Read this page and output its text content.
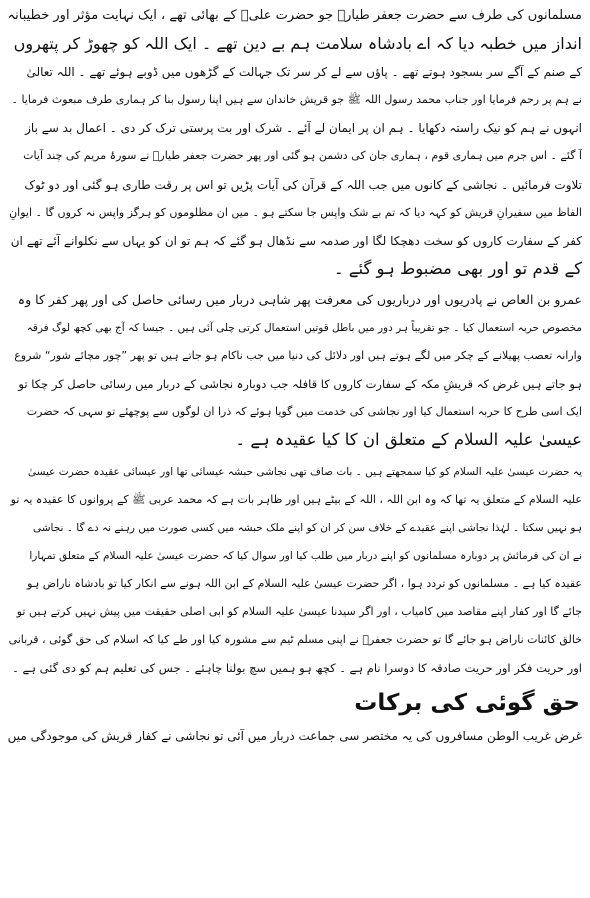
مسلمانوں کی طرف سے حضرت جعفر طیارؓ جو حضرت علیؓ کے بھائی تھے ، ایک نہایت مؤثر اور خطیبانہ

انداز میں خطبہ دیا کہ اے بادشاہ سلامت ہم بے دین تھے ۔ ایک اللہ کو چھوڑ کر پتھروں

کے صنم کے آگے سر بسجود ہوتے تھے ۔ پاؤں سے لے کر سر تک جہالت کے گڑھوں میں ڈوبے ہوئے تھے ۔ اللہ تعالیٰ

نے ہم پر رحم فرمایا اور جناب محمد رسول اللہ ﷺ جو قریش خاندان سے ہیں اپنا رسول بنا کر ہماری طرف مبعوث فرمایا ۔

انہوں نے ہم کو نیک راستہ دکھایا ۔ ہم ان پر ایمان لے آئے ۔ شرک اور بت پرستی ترک کر دی ۔ اعمال بد سے باز

آ گئے ۔ اس جرم میں ہماری قوم ، ہماری جان کی دشمن ہو گئی اور پھر حضرت جعفر طیارؓ نے سورۂ مریم کی چند آیات

تلاوت فرمائیں ۔ نجاشی کے کانوں میں جب اللہ کے قرآن کی آیات پڑیں تو اس پر رقت طاری ہو گئی اور دو ٹوک

الفاظ میں سفیرانِ قریش کو کہہ دیا کہ تم بے شک واپس جا سکتے ہو ۔ میں ان مظلوموں کو ہرگز واپس نہ کروں گا ۔ ایوانِ

کفر کے سفارت کاروں کو سخت دھچکا لگا اور صدمہ سے نڈھال ہو گئے کہ ہم تو ان کو یہاں سے نکلوانے آئے تھے ان

کے قدم تو اور بھی مضبوط ہو گئے ۔

عمرو بن العاص نے پادریوں اور درباریوں کی معرفت پھر شاہی دربار میں رسائی حاصل کی اور پھر کفر کا وہ

مخصوص حربہ استعمال کیا ۔ جو تقریباً ہر دور میں باطل قوتیں استعمال کرتی چلی آئی ہیں ۔ جیسا کہ آج بھی کچھ لوگ فرقہ

وارانہ تعصب پھیلانے کے چکر میں لگے ہوتے ہیں اور دلائل کی دنیا میں جب ناکام ہو جاتے ہیں تو پھر ”چور مچائے شور“ شروع

ہو جاتے ہیں غرض کہ قریشِ مکہ کے سفارت کاروں کا قافلہ جب دوبارہ نجاشی کے دربار میں رسائی حاصل کر چکا تو

ایک اسی طرح کا حربہ استعمال کیا اور نجاشی کی خدمت میں گویا ہوئے کہ ذرا ان لوگوں سے پوچھئے تو سہی کہ حضرت

عیسیٰ علیہ السلام کے متعلق ان کا کیا عقیدہ ہے ۔

یہ حضرت عیسیٰ علیہ السلام کو کیا سمجھتے ہیں ۔ بات صاف تھی نجاشی حبشہ عیسائی تھا اور عیسائی عقیدہ حضرت عیسیٰ

علیہ السلام کے متعلق یہ تھا کہ وہ ابن اللہ ، اللہ کے بیٹے ہیں اور ظاہر بات ہے کہ محمد عربی ﷺ کے پروانوں کا عقیدہ یہ تو

ہو نہیں سکتا ۔ لہٰذا نجاشی اپنے عقیدے کے خلاف سن کر ان کو اپنے ملک حبشہ میں کسی صورت میں رہنے نہ دے گا ۔ نجاشی

نے ان کی فرمائش پر دوبارہ مسلمانوں کو اپنے دربار میں طلب کیا اور سوال کیا کہ حضرت عیسیٰ علیہ السلام کے متعلق تمہارا

عقیدہ کیا ہے ۔ مسلمانوں کو تردد ہوا ، اگر حضرت عیسیٰ علیہ السلام کے ابن اللہ ہونے سے انکار کیا تو بادشاہ ناراض ہو

جائے گا اور کفار اپنے مقاصد میں کامیاب ، اور اگر سیدنا عیسیٰ علیہ السلام کو ابی اصلی حقیقت میں پیش نہیں کرتے ہیں تو

خالق کائنات ناراض ہو جائے گا تو حضرت جعفرؓ نے اپنی مسلم ٹیم سے مشورہ کیا اور طے کیا کہ اسلام کی حق گوئی ، قربانی

اور حریت فکر اور حریت صادقہ کا دوسرا نام ہے ۔ کچھ ہو ہمیں سچ بولنا چاہئے ۔ جس کی تعلیم ہم کو دی گئی ہے ۔

حق گوئی کی برکات

غرض غریب الوطن مسافروں کی یہ مختصر سی جماعت دربار میں آئی تو نجاشی نے کفار قریش کی موجودگی میں
